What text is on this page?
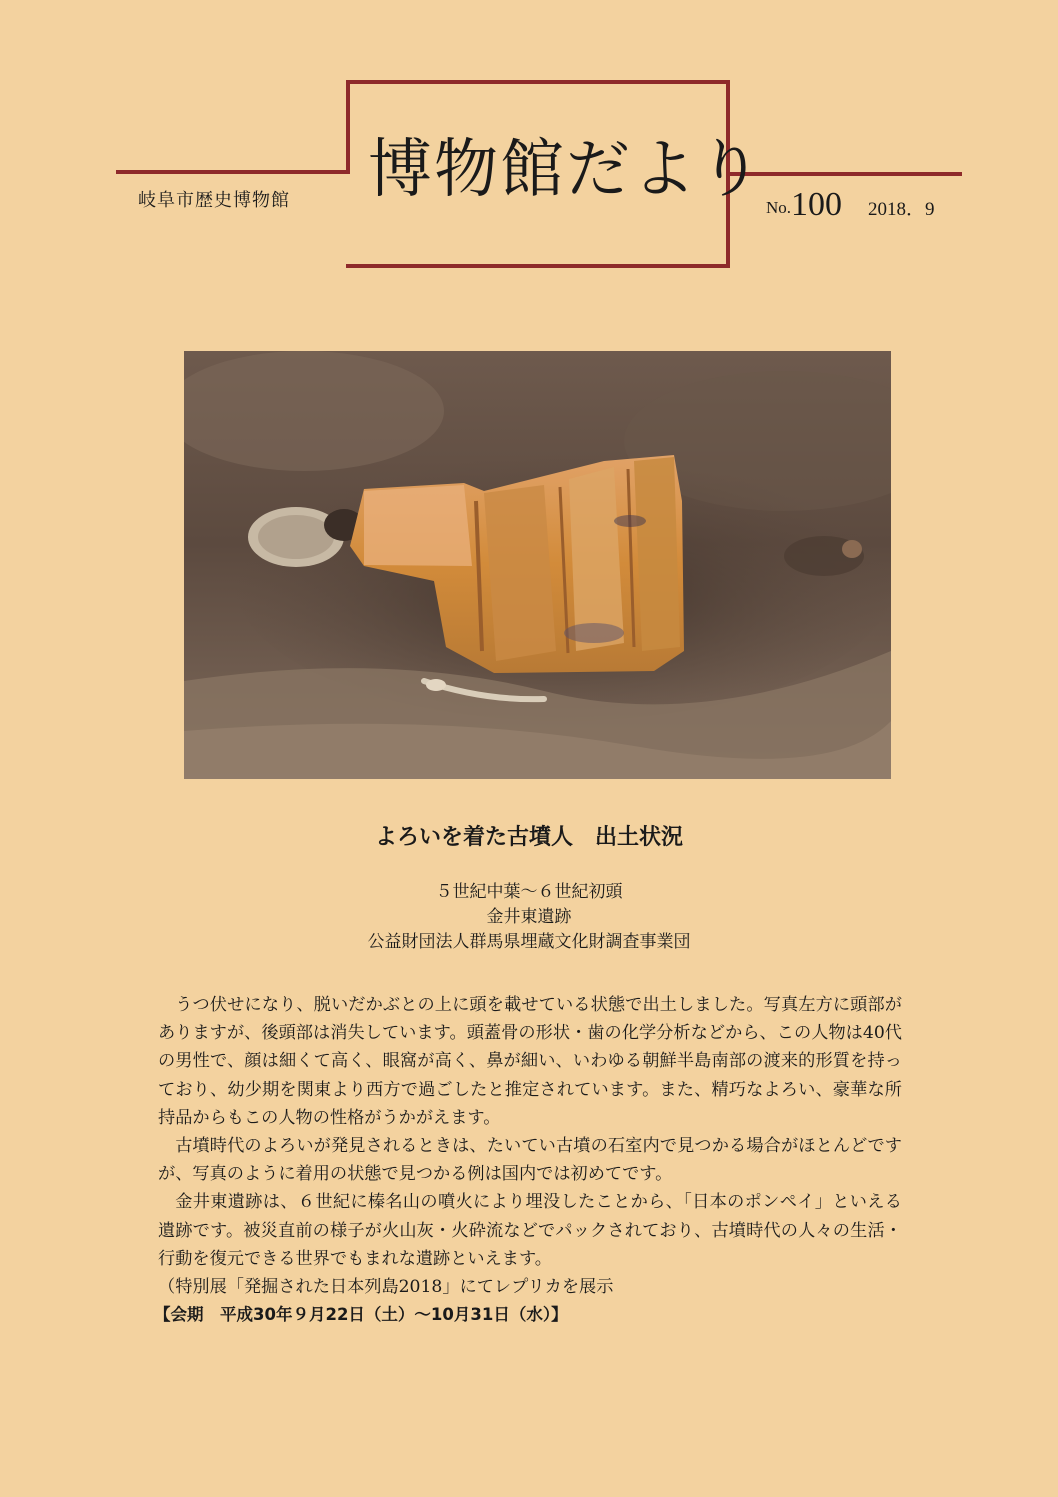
岐阜市歴史博物館 博物館だより
No.100 2018．9
よろいを着た古墳人　出土状況
５世紀中葉～６世紀初頭
金井東遺跡
公益財団法人群馬県埋蔵文化財調査事業団

うつ伏せになり、脱いだかぶとの上に頭を載せている状態で出土しました。写真左方に頭部がありますが、後頭部は消失しています。頭蓋骨の形状・歯の化学分析などから、この人物は40代の男性で、顔は細くて高く、眼窩が高く、鼻が細い、いわゆる朝鮮半島南部の渡来的形質を持っており、幼少期を関東より西方で過ごしたと推定されています。また、精巧なよろい、豪華な所持品からもこの人物の性格がうかがえます。

古墳時代のよろいが発見されるときは、たいてい古墳の石室内で見つかる場合がほとんどですが、写真のように着用の状態で見つかる例は国内では初めてです。

金井東遺跡は、６世紀に榛名山の噴火により埋没したことから、「日本のポンペイ」といえる遺跡です。被災直前の様子が火山灰・火砕流などでパックされており、古墳時代の人々の生活・行動を復元できる世界でもまれな遺跡といえます。

（特別展「発掘された日本列島2018」にてレプリカを展示

【会期　平成30年９月22日（土）～10月31日（水）】
